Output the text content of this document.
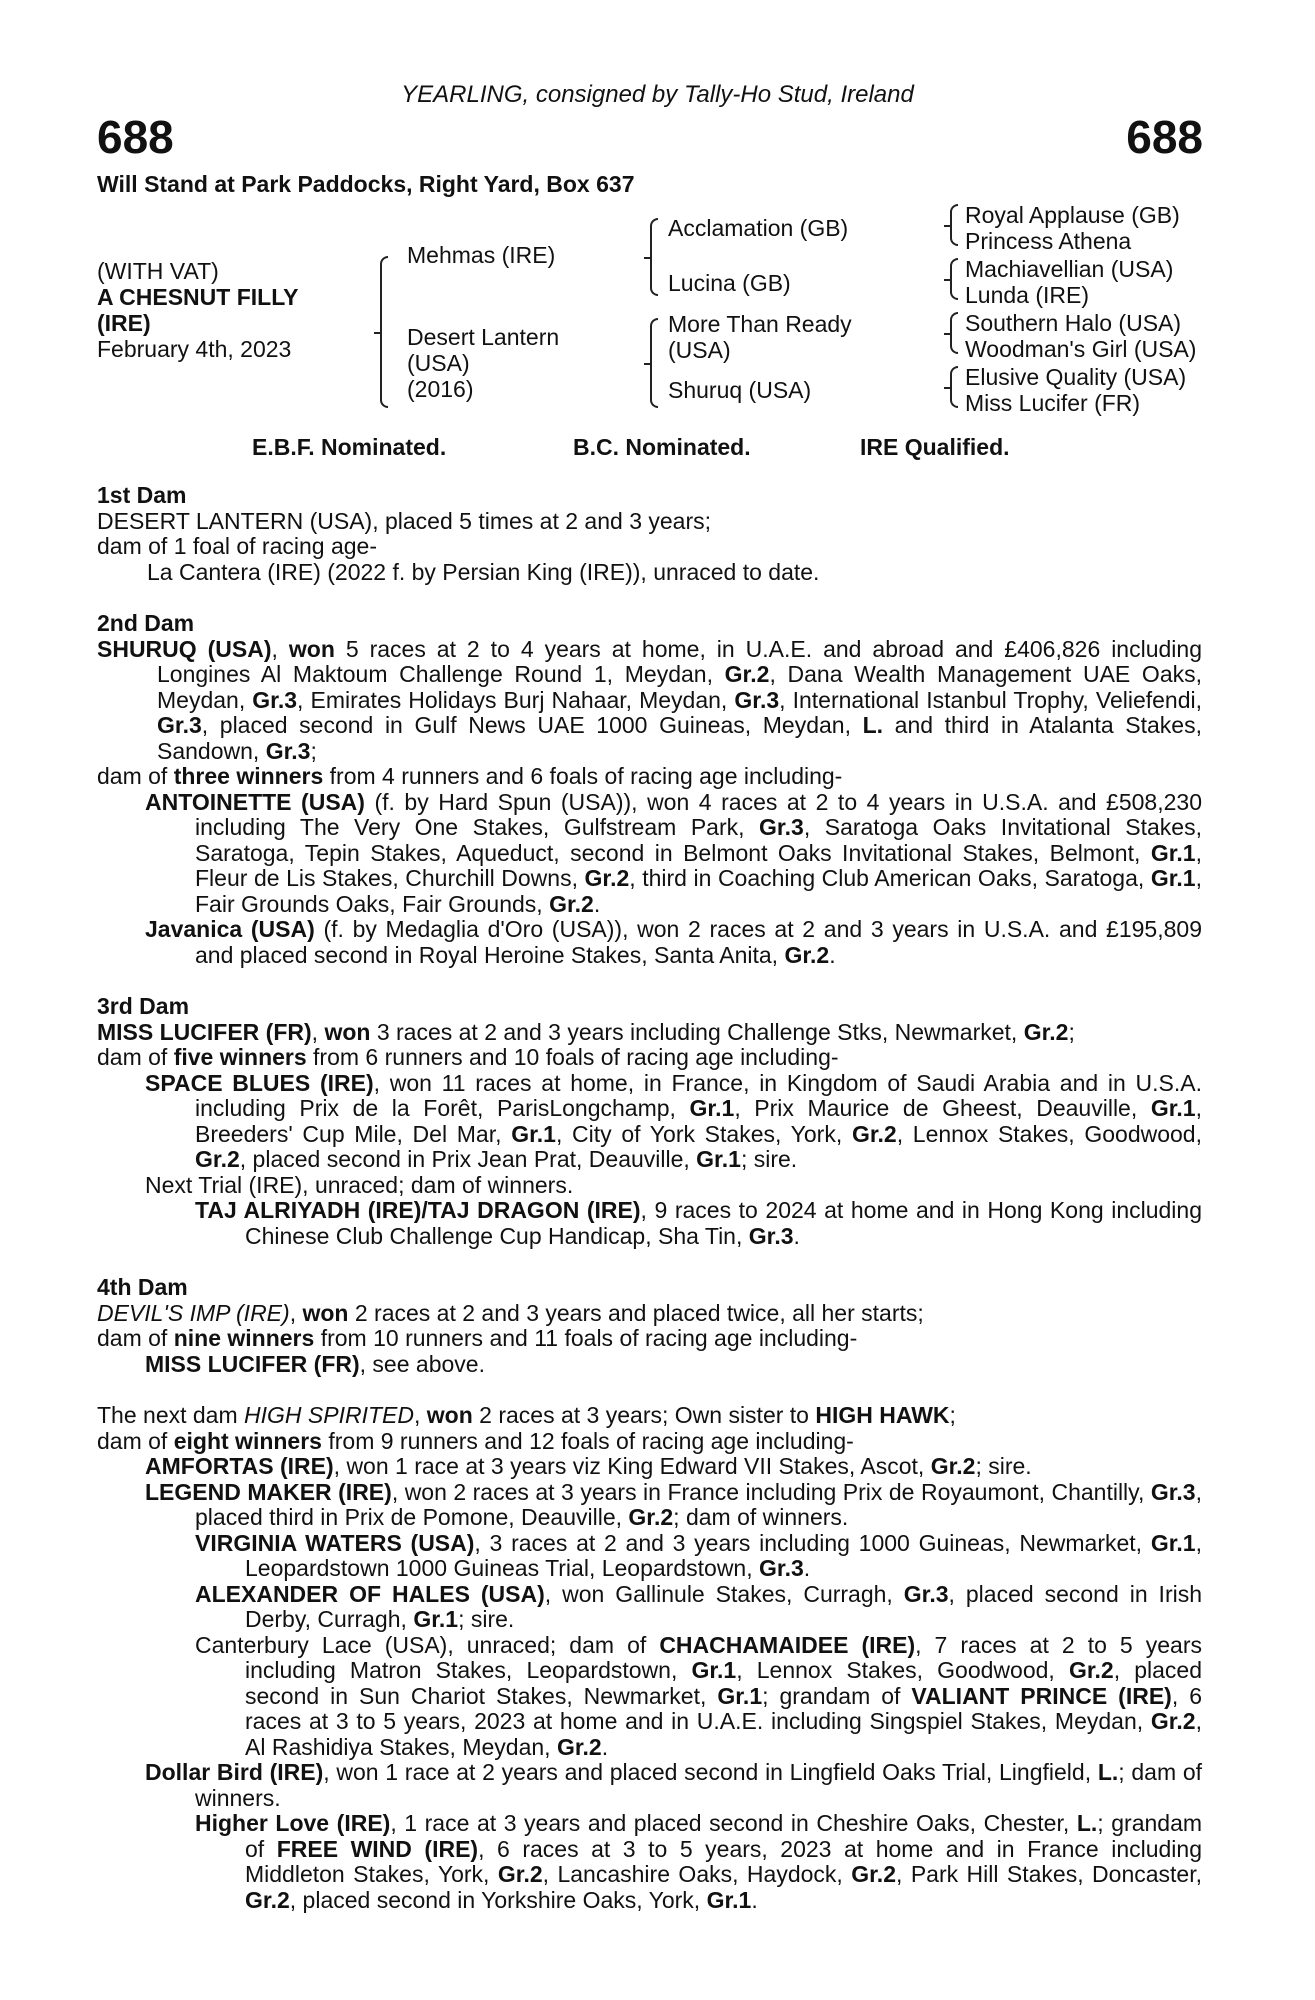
YEARLING, consigned by Tally-Ho Stud, Ireland
688	688
Will Stand at Park Paddocks, Right Yard, Box 637
(WITH VAT)
A CHESNUT FILLY
(IRE)
February 4th, 2023
Mehmas (IRE)
Desert Lantern
(USA)
(2016)
Acclamation (GB)
Lucina (GB)
More Than Ready
(USA)
Shuruq (USA)
Royal Applause (GB)
Princess Athena
Machiavellian (USA)
Lunda (IRE)
Southern Halo (USA)
Woodman's Girl (USA)
Elusive Quality (USA)
Miss Lucifer (FR)
E.B.F. Nominated.	B.C. Nominated.	IRE Qualified.
1st Dam

DESERT LANTERN (USA), placed 5 times at 2 and 3 years;

dam of 1 foal of racing age-

La Cantera (IRE) (2022 f. by Persian King (IRE)), unraced to date.

2nd Dam

SHURUQ (USA), won 5 races at 2 to 4 years at home, in U.A.E. and abroad and £406,826 including Longines Al Maktoum Challenge Round 1, Meydan, Gr.2, Dana Wealth Management UAE Oaks, Meydan, Gr.3, Emirates Holidays Burj Nahaar, Meydan, Gr.3, International Istanbul Trophy, Veliefendi, Gr.3, placed second in Gulf News UAE 1000 Guineas, Meydan, L. and third in Atalanta Stakes, Sandown, Gr.3;

dam of three winners from 4 runners and 6 foals of racing age including-

ANTOINETTE (USA) (f. by Hard Spun (USA)), won 4 races at 2 to 4 years in U.S.A. and £508,230 including The Very One Stakes, Gulfstream Park, Gr.3, Saratoga Oaks Invitational Stakes, Saratoga, Tepin Stakes, Aqueduct, second in Belmont Oaks Invitational Stakes, Belmont, Gr.1, Fleur de Lis Stakes, Churchill Downs, Gr.2, third in Coaching Club American Oaks, Saratoga, Gr.1, Fair Grounds Oaks, Fair Grounds, Gr.2.

Javanica (USA) (f. by Medaglia d'Oro (USA)), won 2 races at 2 and 3 years in U.S.A. and £195,809 and placed second in Royal Heroine Stakes, Santa Anita, Gr.2.

3rd Dam

MISS LUCIFER (FR), won 3 races at 2 and 3 years including Challenge Stks, Newmarket, Gr.2;

dam of five winners from 6 runners and 10 foals of racing age including-

SPACE BLUES (IRE), won 11 races at home, in France, in Kingdom of Saudi Arabia and in U.S.A. including Prix de la Forêt, ParisLongchamp, Gr.1, Prix Maurice de Gheest, Deauville, Gr.1, Breeders' Cup Mile, Del Mar, Gr.1, City of York Stakes, York, Gr.2, Lennox Stakes, Goodwood, Gr.2, placed second in Prix Jean Prat, Deauville, Gr.1; sire.

Next Trial (IRE), unraced; dam of winners.

TAJ ALRIYADH (IRE)/TAJ DRAGON (IRE), 9 races to 2024 at home and in Hong Kong including Chinese Club Challenge Cup Handicap, Sha Tin, Gr.3.

4th Dam

DEVIL'S IMP (IRE), won 2 races at 2 and 3 years and placed twice, all her starts;

dam of nine winners from 10 runners and 11 foals of racing age including-

MISS LUCIFER (FR), see above.

The next dam HIGH SPIRITED, won 2 races at 3 years; Own sister to HIGH HAWK;

dam of eight winners from 9 runners and 12 foals of racing age including-

AMFORTAS (IRE), won 1 race at 3 years viz King Edward VII Stakes, Ascot, Gr.2; sire.

LEGEND MAKER (IRE), won 2 races at 3 years in France including Prix de Royaumont, Chantilly, Gr.3, placed third in Prix de Pomone, Deauville, Gr.2; dam of winners.

VIRGINIA WATERS (USA), 3 races at 2 and 3 years including 1000 Guineas, Newmarket, Gr.1, Leopardstown 1000 Guineas Trial, Leopardstown, Gr.3.

ALEXANDER OF HALES (USA), won Gallinule Stakes, Curragh, Gr.3, placed second in Irish Derby, Curragh, Gr.1; sire.

Canterbury Lace (USA), unraced; dam of CHACHAMAIDEE (IRE), 7 races at 2 to 5 years including Matron Stakes, Leopardstown, Gr.1, Lennox Stakes, Goodwood, Gr.2, placed second in Sun Chariot Stakes, Newmarket, Gr.1; grandam of VALIANT PRINCE (IRE), 6 races at 3 to 5 years, 2023 at home and in U.A.E. including Singspiel Stakes, Meydan, Gr.2, Al Rashidiya Stakes, Meydan, Gr.2.

Dollar Bird (IRE), won 1 race at 2 years and placed second in Lingfield Oaks Trial, Lingfield, L.; dam of winners.

Higher Love (IRE), 1 race at 3 years and placed second in Cheshire Oaks, Chester, L.; grandam of FREE WIND (IRE), 6 races at 3 to 5 years, 2023 at home and in France including Middleton Stakes, York, Gr.2, Lancashire Oaks, Haydock, Gr.2, Park Hill Stakes, Doncaster, Gr.2, placed second in Yorkshire Oaks, York, Gr.1.
